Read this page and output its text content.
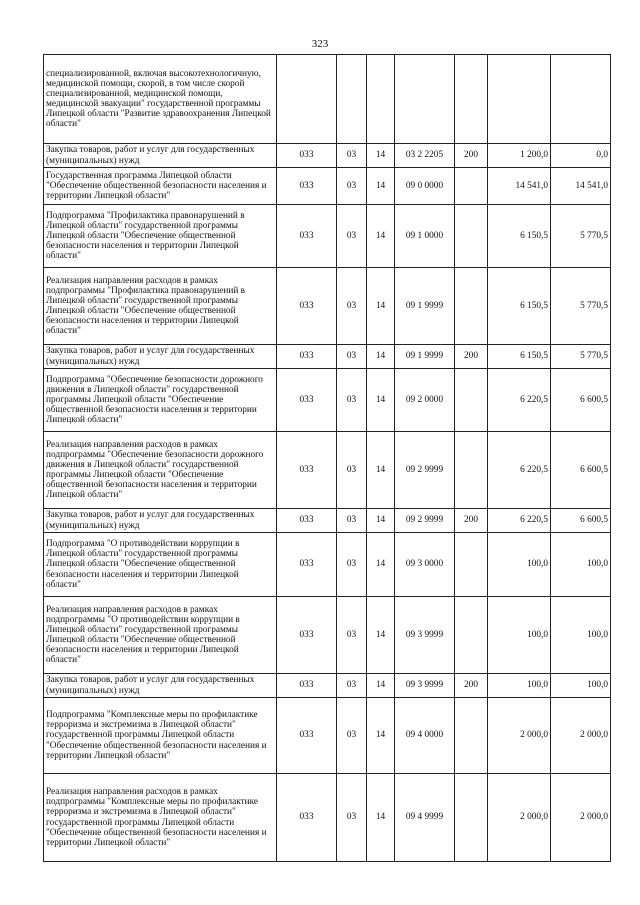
323
специализированной, включая высокотехнологичную, медицинской помощи, скорой, в том числе скорой специализированной, медицинской помощи, медицинской эвакуации" государственной программы Липецкой области "Развитие здравоохранения Липецкой области"							
Закупка товаров, работ и услуг для государственных (муниципальных) нужд	033	03	14	03 2 2205	200	1 200,0	0,0
Государственная программа Липецкой области "Обеспечение общественной безопасности населения и территории Липецкой области"	033	03	14	09 0 0000		14 541,0	14 541,0
Подпрограмма "Профилактика правонарушений в Липецкой области" государственной программы Липецкой области "Обеспечение общественной безопасности населения и территории Липецкой области"	033	03	14	09 1 0000		6 150,5	5 770,5
Реализация направления расходов в рамках подпрограммы "Профилактика правонарушений в Липецкой области" государственной программы Липецкой области "Обеспечение общественной безопасности населения и территории Липецкой области"	033	03	14	09 1 9999		6 150,5	5 770,5
Закупка товаров, работ и услуг для государственных (муниципальных) нужд	033	03	14	09 1 9999	200	6 150,5	5 770,5
Подпрограмма "Обеспечение безопасности дорожного движения в Липецкой области" государственной программы Липецкой области "Обеспечение общественной безопасности населения и территории Липецкой области"	033	03	14	09 2 0000		6 220,5	6 600,5
Реализация направления расходов в рамках подпрограммы "Обеспечение безопасности дорожного движения в Липецкой области" государственной программы Липецкой области "Обеспечение общественной безопасности населения и территории Липецкой области"	033	03	14	09 2 9999		6 220,5	6 600,5
Закупка товаров, работ и услуг для государственных (муниципальных) нужд	033	03	14	09 2 9999	200	6 220,5	6 600,5
Подпрограмма "О противодействии коррупции в Липецкой области" государственной программы Липецкой области "Обеспечение общественной безопасности населения и территории Липецкой области"	033	03	14	09 3 0000		100,0	100,0
Реализация направления расходов в рамках подпрограммы "О противодействии коррупции в Липецкой области" государственной программы Липецкой области "Обеспечение общественной безопасности населения и территории Липецкой области"	033	03	14	09 3 9999		100,0	100,0
Закупка товаров, работ и услуг для государственных (муниципальных) нужд	033	03	14	09 3 9999	200	100,0	100,0
Подпрограмма "Комплексные меры по профилактике терроризма и экстремизма в Липецкой области" государственной программы Липецкой области "Обеспечение общественной безопасности населения и территории Липецкой области"	033	03	14	09 4 0000		2 000,0	2 000,0
Реализация направления расходов в рамках подпрограммы "Комплексные меры по профилактике терроризма и экстремизма в Липецкой области" государственной программы Липецкой области "Обеспечение общественной безопасности населения и территории Липецкой области"	033	03	14	09 4 9999		2 000,0	2 000,0
